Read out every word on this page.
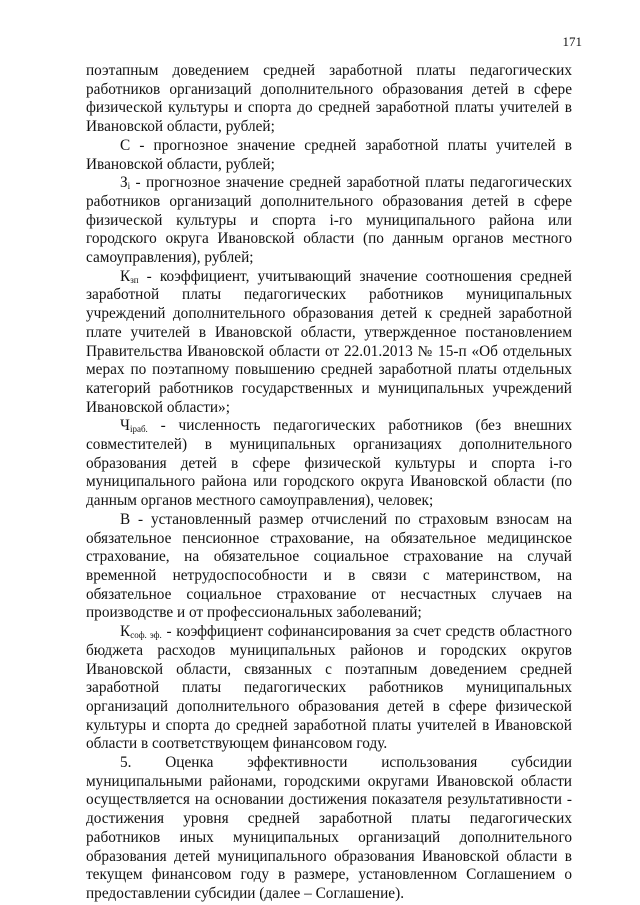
171

поэтапным доведением средней заработной платы педагогических работников организаций дополнительного образования детей в сфере физической культуры и спорта до средней заработной платы учителей в Ивановской области, рублей;

С - прогнозное значение средней заработной платы учителей в Ивановской области, рублей;

$З_i$ - прогнозное значение средней заработной платы педагогических работников организаций дополнительного образования детей в сфере физической культуры и спорта i-го муниципального района или городского округа Ивановской области (по данным органов местного самоуправления), рублей;

$К_{зп}$ - коэффициент, учитывающий значение соотношения средней заработной платы педагогических работников муниципальных учреждений дополнительного образования детей к средней заработной плате учителей в Ивановской области, утвержденное постановлением Правительства Ивановской области от 22.01.2013 № 15-п «Об отдельных мерах по поэтапному повышению средней заработной платы отдельных категорий работников государственных и муниципальных учреждений Ивановской области»;

$Ч_{iраб.}$ - численность педагогических работников (без внешних совместителей) в муниципальных организациях дополнительного образования детей в сфере физической культуры и спорта i-го муниципального района или городского округа Ивановской области (по данным органов местного самоуправления), человек;

В - установленный размер отчислений по страховым взносам на обязательное пенсионное страхование, на обязательное медицинское страхование, на обязательное социальное страхование на случай временной нетрудоспособности и в связи с материнством, на обязательное социальное страхование от несчастных случаев на производстве и от профессиональных заболеваний;

$К_{соф. эф.}$ - коэффициент софинансирования за счет средств областного бюджета расходов муниципальных районов и городских округов Ивановской области, связанных с поэтапным доведением средней заработной платы педагогических работников муниципальных организаций дополнительного образования детей в сфере физической культуры и спорта до средней заработной платы учителей в Ивановской области в соответствующем финансовом году.

5. Оценка эффективности использования субсидии муниципальными районами, городскими округами Ивановской области осуществляется на основании достижения показателя результативности - достижения уровня средней заработной платы педагогических работников иных муниципальных организаций дополнительного образования детей муниципального образования Ивановской области в текущем финансовом году в размере, установленном Соглашением о предоставлении субсидии (далее – Соглашение).
